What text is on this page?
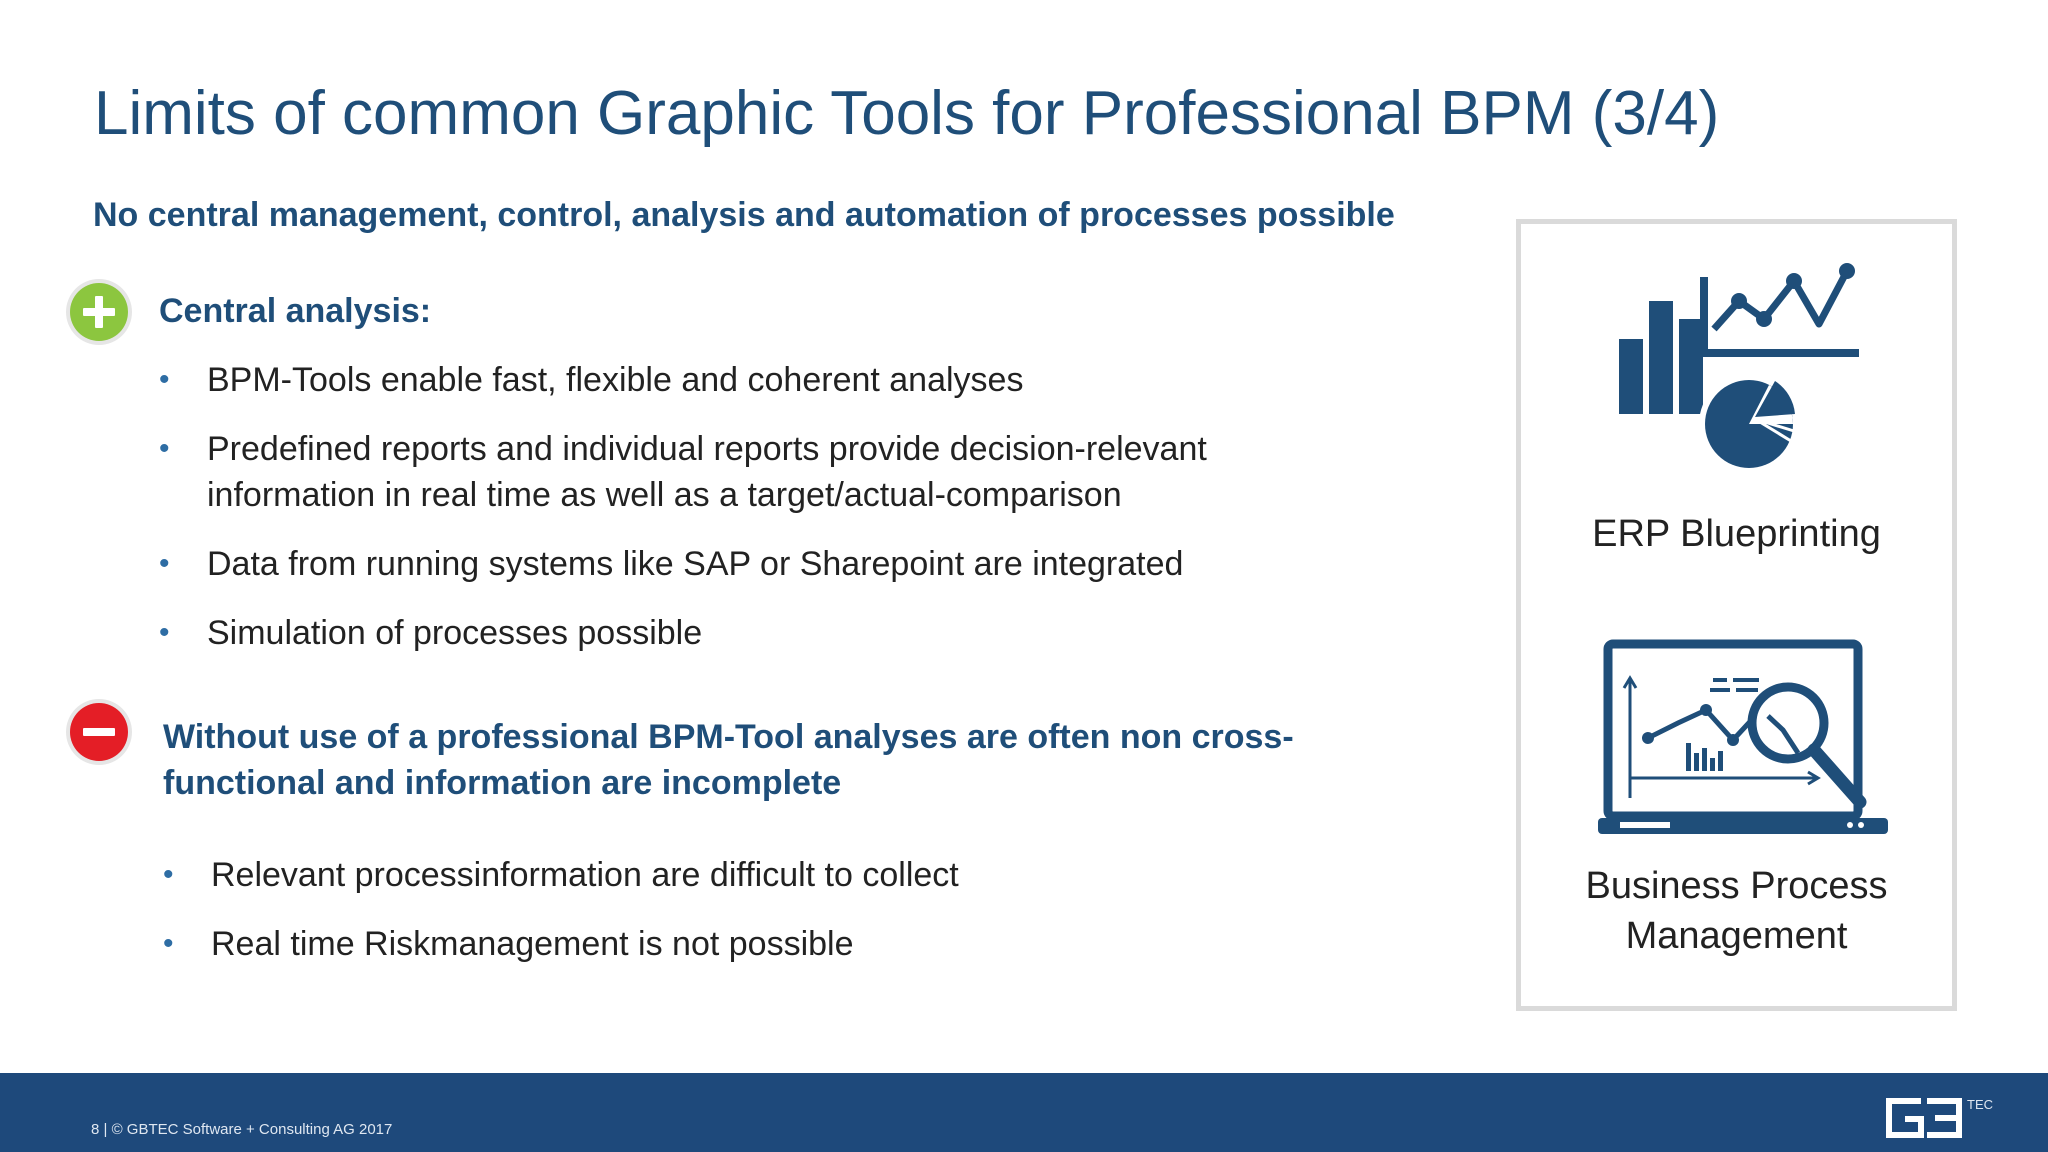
Limits of common Graphic Tools for Professional BPM (3/4)
No central management, control, analysis and automation of processes possible
Central analysis:
• BPM-Tools enable fast, flexible and coherent analyses
• Predefined reports and individual reports provide decision-relevant information in real time as well as a target/actual-comparison
• Data from running systems like SAP or Sharepoint are integrated
• Simulation of processes possible
Without use of a professional BPM-Tool analyses are often non cross-functional and information are incomplete
• Relevant processinformation are difficult to collect
• Real time Riskmanagement is not possible
ERP Blueprinting
Business Process Management
8 | © GBTEC Software + Consulting AG 2017
TEC
